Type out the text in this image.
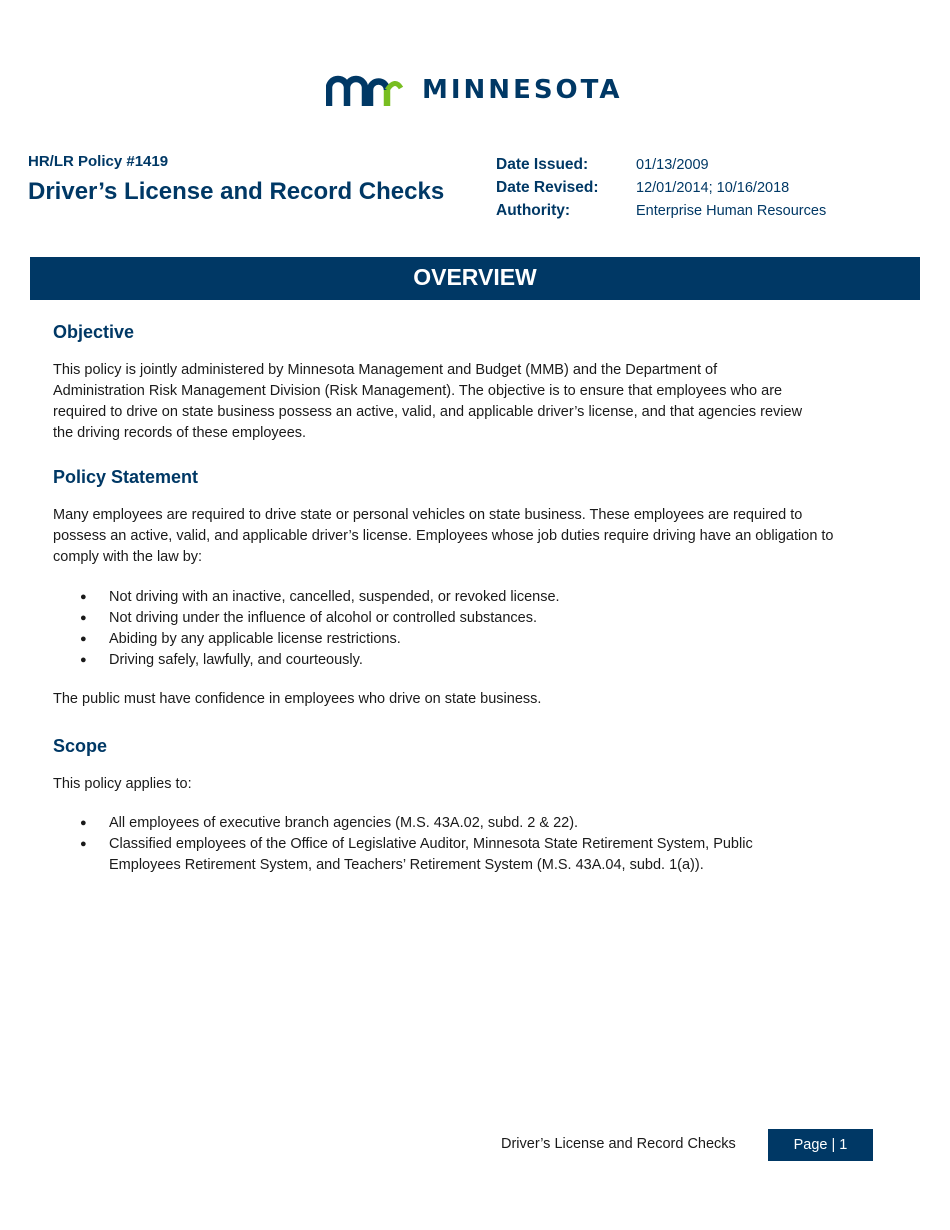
MINNESOTA
HR/LR Policy #1419
Driver’s License and Record Checks
Date Issued:	01/13/2009
Date Revised:	12/01/2014; 10/16/2018
Authority:	Enterprise Human Resources
OVERVIEW
Objective

This policy is jointly administered by Minnesota Management and Budget (MMB) and the Department of
Administration Risk Management Division (Risk Management). The objective is to ensure that employees who are
required to drive on state business possess an active, valid, and applicable driver’s license, and that agencies review
the driving records of these employees.

Policy Statement

Many employees are required to drive state or personal vehicles on state business. These employees are required to
possess an active, valid, and applicable driver’s license. Employees whose job duties require driving have an obligation to
comply with the law by:

● Not driving with an inactive, cancelled, suspended, or revoked license.
● Not driving under the influence of alcohol or controlled substances.
● Abiding by any applicable license restrictions.
● Driving safely, lawfully, and courteously.

The public must have confidence in employees who drive on state business.

Scope

This policy applies to:

● All employees of executive branch agencies (M.S. 43A.02, subd. 2 & 22).
● Classified employees of the Office of Legislative Auditor, Minnesota State Retirement System, Public
Employees Retirement System, and Teachers’ Retirement System (M.S. 43A.04, subd. 1(a)).
Driver’s License and Record Checks	Page | 1
